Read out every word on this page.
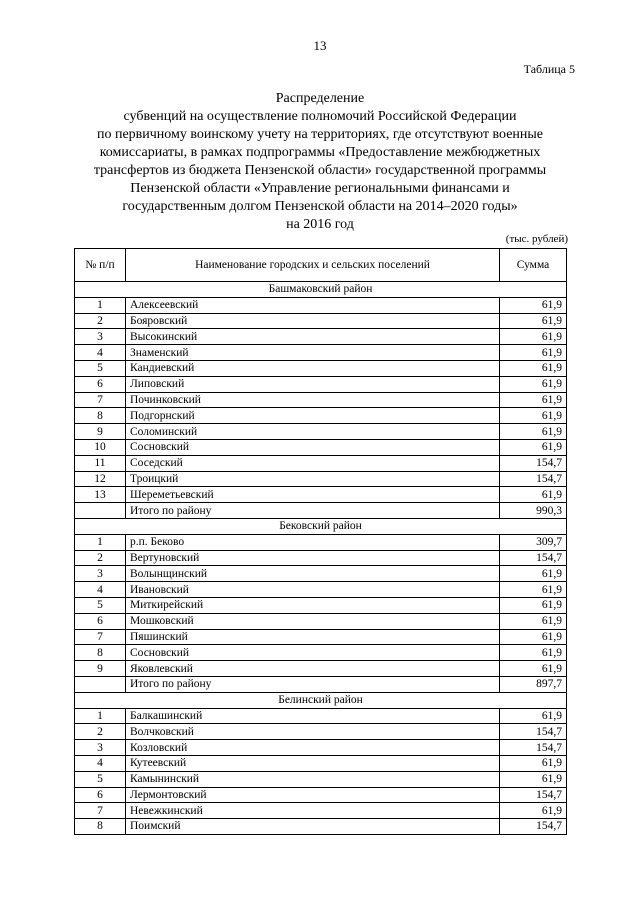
13
Таблица 5
Распределение
субвенций на осуществление полномочий Российской Федерации
по первичному воинскому учету на территориях, где отсутствуют военные
комиссариаты, в рамках подпрограммы «Предоставление межбюджетных
трансфертов из бюджета Пензенской области» государственной программы
Пензенской области «Управление региональными финансами и
государственным долгом Пензенской области на 2014–2020 годы»
на 2016 год
(тыс. рублей)
№ п/п	Наименование городских и сельских поселений	Сумма
Башмаковский район		
1	Алексеевский	61,9
2	Бояровский	61,9
3	Высокинский	61,9
4	Знаменский	61,9
5	Кандиевский	61,9
6	Липовский	61,9
7	Починковский	61,9
8	Подгорнский	61,9
9	Соломинский	61,9
10	Сосновский	61,9
11	Соседский	154,7
12	Троицкий	154,7
13	Шереметьевский	61,9
	Итого по району	990,3
Бековский район		
1	р.п. Беково	309,7
2	Вертуновский	154,7
3	Волынщинский	61,9
4	Ивановский	61,9
5	Миткирейский	61,9
6	Мошковский	61,9
7	Пяшинский	61,9
8	Сосновский	61,9
9	Яковлевский	61,9
	Итого по району	897,7
Белинский район		
1	Балкашинский	61,9
2	Волчковский	154,7
3	Козловский	154,7
4	Кутеевский	61,9
5	Камынинский	61,9
6	Лермонтовский	154,7
7	Невежкинский	61,9
8	Поимский	154,7
